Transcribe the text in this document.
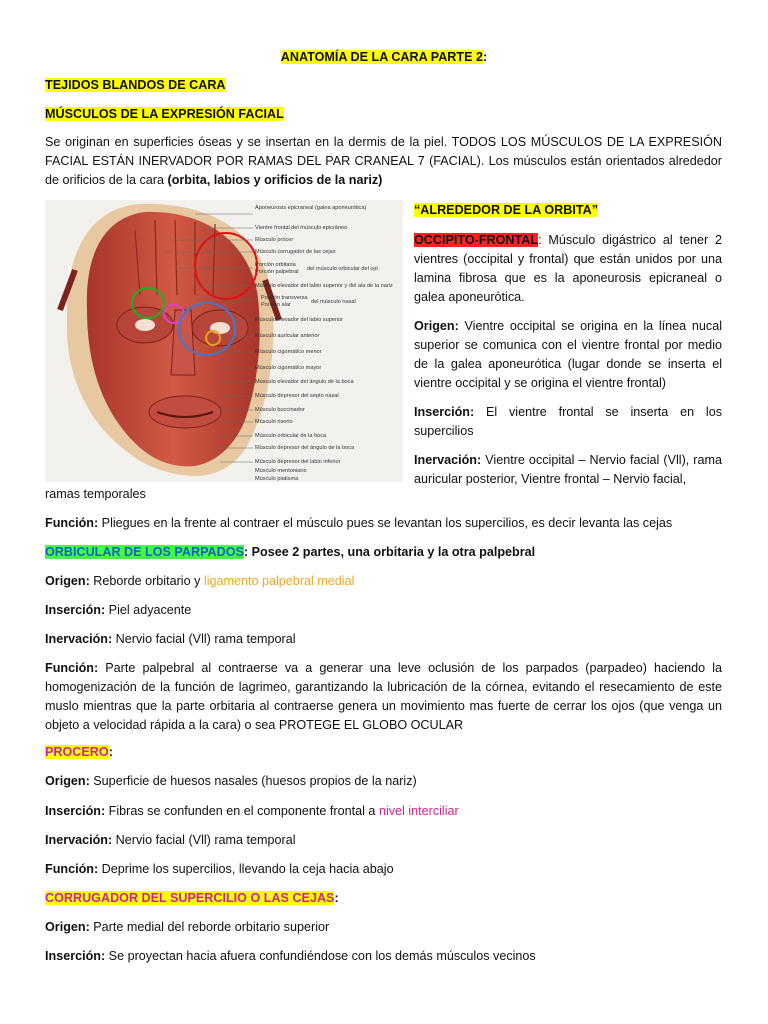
ANATOMÍA DE LA CARA PARTE 2:
TEJIDOS BLANDOS DE CARA
MÚSCULOS DE LA EXPRESIÓN FACIAL
Se originan en superficies óseas y se insertan en la dermis de la piel. TODOS LOS MÚSCULOS DE LA EXPRESIÓN FACIAL ESTÁN INERVADOR POR RAMAS DEL PAR CRANEAL 7 (FACIAL). Los músculos están orientados alrededor de orificios de la cara (orbita, labios y orificios de la nariz)
Aponeurosis epicraneal (galea aponeurótica)
Vientre frontal del músculo epicráneo
Músculo prócer
Músculo corrugador de las cejas
Porción orbitaria
Porción palpebral del músculo orbicular del ojo
Músculo elevador del labio superior y del ala de la nariz
Porción transversa
Porción alar	del músculo nasal
Músculo elevador del labio superior
Músculo auricular anterior
Músculo cigomático menor
Músculo cigomático mayor
Músculo elevador del ángulo de la boca
Músculo depresor del septo nasal
Músculo buccinador
Músculo risorio
Músculo orbicular de la boca
Músculo depresor del ángulo de la boca
Músculo depresor del labio inferior
Músculo mentoniano
Músculo platisma

“ALREDEDOR DE LA ORBITA”

OCCIPITO-FRONTAL: Músculo digástrico al tener 2 vientres (occipital y frontal) que están unidos por una lamina fibrosa que es la aponeurosis epicraneal o galea aponeurótica.

Origen: Vientre occipital se origina en la línea nucal superior se comunica con el vientre frontal por medio de la galea aponeurótica (lugar donde se inserta el vientre occipital y se origina el vientre frontal)

Inserción: El vientre frontal se inserta en los supercilios

Inervación: Vientre occipital – Nervio facial (Vll), rama auricular posterior, Vientre frontal – Nervio facial,

ramas temporales
Función: Pliegues en la frente al contraer el músculo pues se levantan los supercilios, es decir levanta las cejas
ORBICULAR DE LOS PARPADOS: Posee 2 partes, una orbitaria y la otra palpebral
Origen: Reborde orbitario y ligamento palpebral medial
Inserción: Piel adyacente
Inervación: Nervio facial (Vll) rama temporal
Función: Parte palpebral al contraerse va a generar una leve oclusión de los parpados (parpadeo) haciendo la homogenización de la función de lagrimeo, garantizando la lubricación de la córnea, evitando el resecamiento de este muslo mientras que la parte orbitaria al contraerse genera un movimiento mas fuerte de cerrar los ojos (que venga un objeto a velocidad rápida a la cara) o sea PROTEGE EL GLOBO OCULAR
PROCERO:
Origen: Superficie de huesos nasales (huesos propios de la nariz)
Inserción: Fibras se confunden en el componente frontal a nivel interciliar
Inervación: Nervio facial (Vll) rama temporal
Función: Deprime los supercilios, llevando la ceja hacia abajo
CORRUGADOR DEL SUPERCILIO O LAS CEJAS:
Origen: Parte medial del reborde orbitario superior
Inserción: Se proyectan hacia afuera confundiéndose con los demás músculos vecinos
